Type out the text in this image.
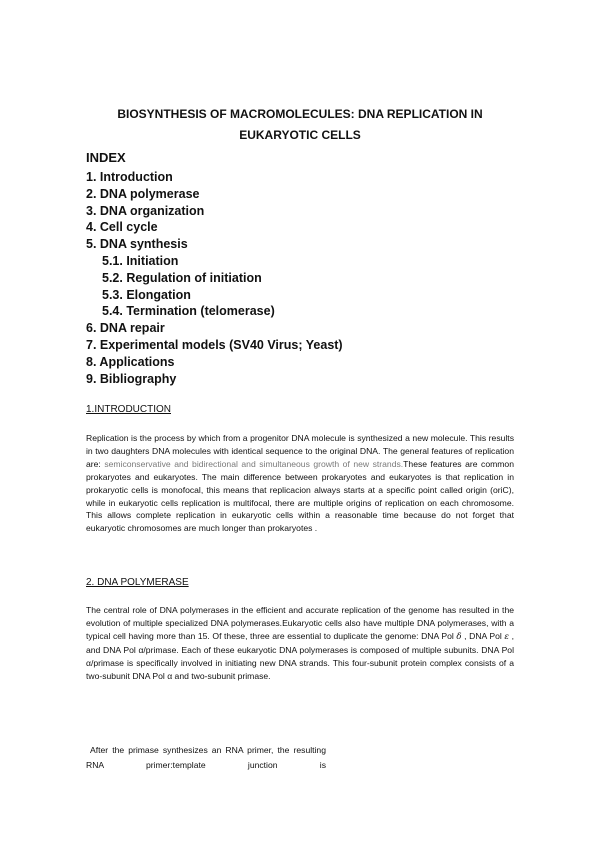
BIOSYNTHESIS OF MACROMOLECULES: DNA REPLICATION IN
EUKARYOTIC CELLS
INDEX
1. Introduction
2. DNA polymerase
3. DNA organization
4. Cell cycle
5. DNA synthesis
5.1. Initiation
5.2. Regulation of initiation
5.3. Elongation
5.4. Termination (telomerase)
6. DNA repair
7. Experimental models (SV40 Virus; Yeast)
8. Applications
9. Bibliography
1.INTRODUCTION

Replication is the process by which from a progenitor DNA molecule is synthesized a new molecule. This results in two daughters DNA molecules with identical sequence to the original DNA. The general features of replication are: semiconservative and bidirectional and simultaneous growth of new strands.These features are common prokaryotes and eukaryotes. The main difference between prokaryotes and eukaryotes is that replication in prokaryotic cells is monofocal, this means that replicacion always starts at a specific point called origin (oriC), while in eukaryotic cells replication is multifocal, there are multiple origins of replication on each chromosome. This allows complete replication in eukaryotic cells within a reasonable time because do not forget that eukaryotic chromosomes are much longer than prokaryotes .

2. DNA POLYMERASE

The central role of DNA polymerases in the efficient and accurate replication of the genome has resulted in the evolution of multiple specialized DNA polymerases.Eukaryotic cells also have multiple DNA polymerases, with a typical cell having more than 15. Of these, three are essential to duplicate the genome: DNA Pol δ , DNA Pol ε , and DNA Pol α/primase. Each of these eukaryotic DNA polymerases is composed of multiple subunits. DNA Pol α/primase is specifically involved in initiating new DNA strands. This four-subunit protein complex consists of a two-subunit DNA Pol α and two-subunit primase.

After the primase synthesizes an RNA primer, the resulting RNA primer:template junction is
